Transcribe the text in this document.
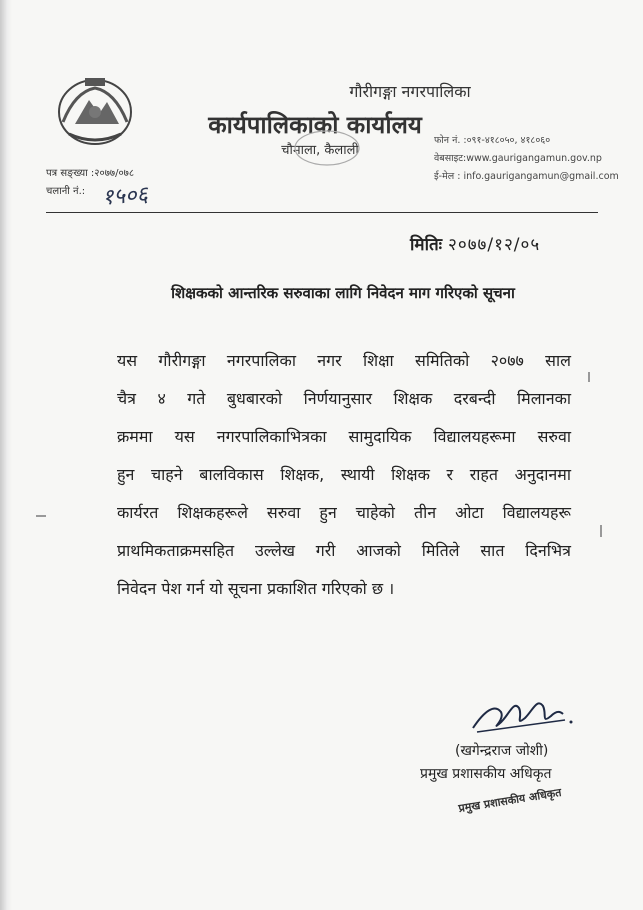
गौरीगङ्गा नगरपालिका
कार्यपालिकाको कार्यालय
चौमाला, कैलाली
फोन नं. :०९१-४१८०५०, ४१८०६०
वेबसाइट:www.gaurigangamun.gov.np
ई-मेल : info.gaurigangamun@gmail.com
पत्र सङ्ख्या :२०७७/०७८
चलानी नं.: १५०६
मितिः २०७७/१२/०५
शिक्षकको आन्तरिक सरुवाका लागि निवेदन माग गरिएको सूचना
यस गौरीगङ्गा नगरपालिका नगर शिक्षा समितिको २०७७ साल
चैत्र ४ गते बुधबारको निर्णयानुसार शिक्षक दरबन्दी मिलानका
क्रममा यस नगरपालिकाभित्रका सामुदायिक विद्यालयहरूमा सरुवा
हुन चाहने बालविकास शिक्षक, स्थायी शिक्षक र राहत अनुदानमा
कार्यरत शिक्षकहरूले सरुवा हुन चाहेको तीन ओटा विद्यालयहरू
प्राथमिकताक्रमसहित उल्लेख गरी आजको मितिले सात दिनभित्र
निवेदन पेश गर्न यो सूचना प्रकाशित गरिएको छ ।
(खगेन्द्रराज जोशी)
प्रमुख प्रशासकीय अधिकृत
प्रमुख प्रशासकीय अधिकृत
